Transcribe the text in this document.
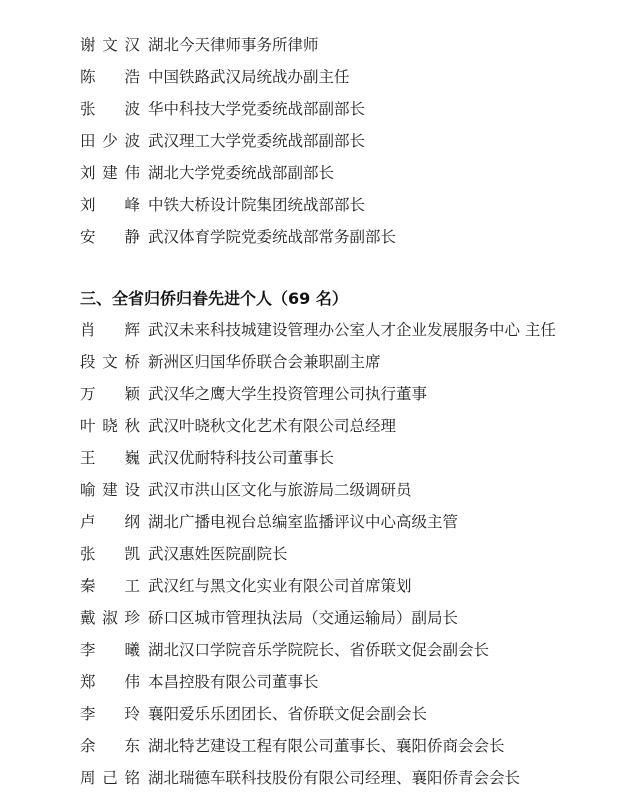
谢文汉 湖北今天律师事务所律师
陈 浩 中国铁路武汉局统战办副主任
张 波 华中科技大学党委统战部副部长
田少波 武汉理工大学党委统战部副部长
刘建伟 湖北大学党委统战部副部长
刘 峰 中铁大桥设计院集团统战部部长
安 静 武汉体育学院党委统战部常务副部长
三、全省归侨归眷先进个人（69 名）
肖 辉 武汉未来科技城建设管理办公室人才企业发展服务中心 主任
段文桥 新洲区归国华侨联合会兼职副主席
万 颖 武汉华之鹰大学生投资管理公司执行董事
叶晓秋 武汉叶晓秋文化艺术有限公司总经理
王 巍 武汉优耐特科技公司董事长
喻建设 武汉市洪山区文化与旅游局二级调研员
卢 纲 湖北广播电视台总编室监播评议中心高级主管
张 凯 武汉惠姓医院副院长
秦 工 武汉红与黑文化实业有限公司首席策划
戴淑珍 硚口区城市管理执法局（交通运输局）副局长
李 曦 湖北汉口学院音乐学院院长、省侨联文促会副会长
郑 伟 本昌控股有限公司董事长
李 玲 襄阳爱乐乐团团长、省侨联文促会副会长
余 东 湖北特艺建设工程有限公司董事长、襄阳侨商会会长
周己铭 湖北瑞德车联科技股份有限公司经理、襄阳侨青会会长
